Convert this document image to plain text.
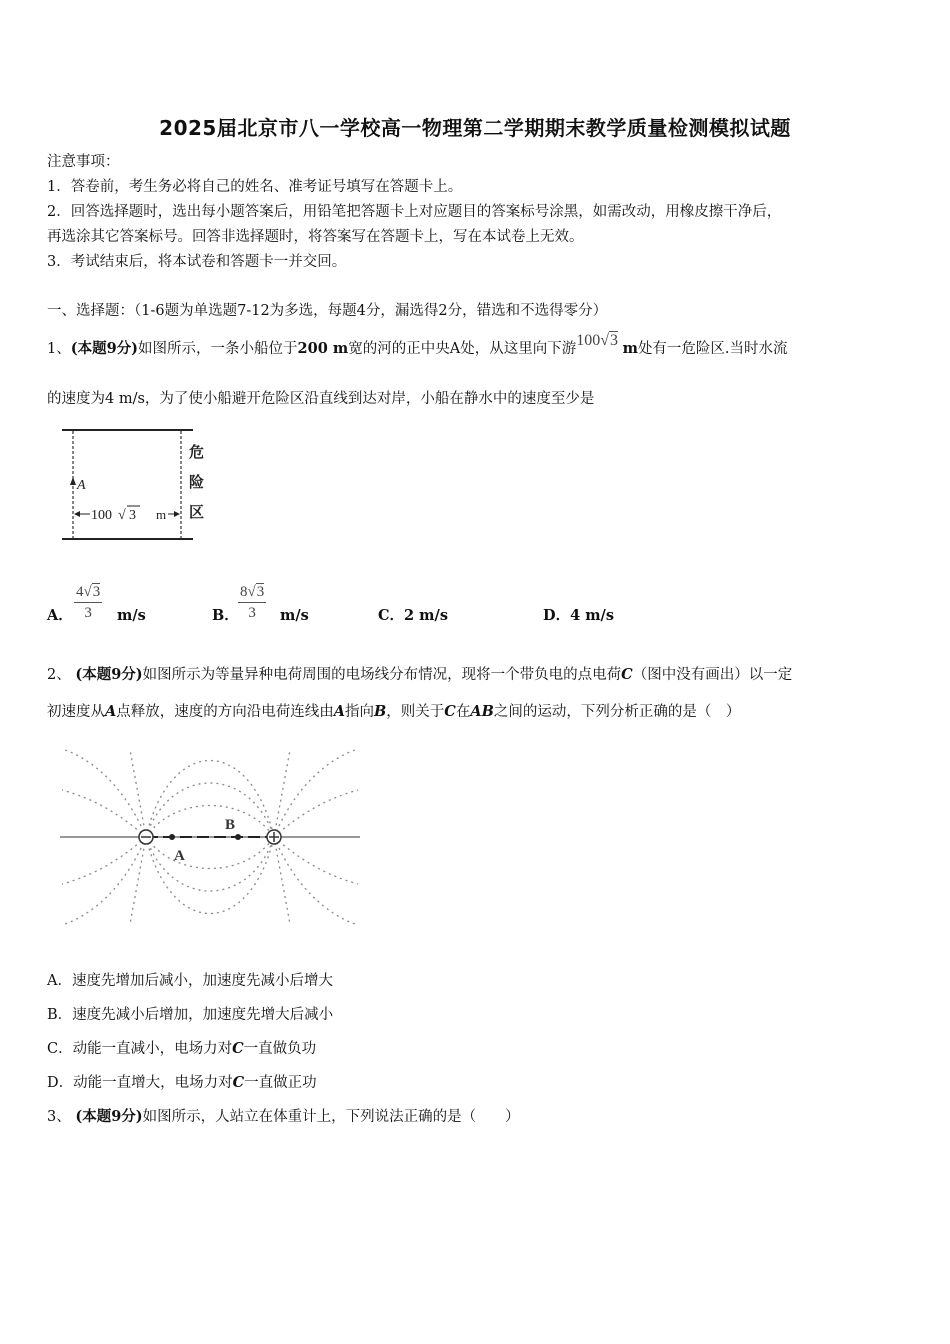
2025届北京市八一学校高一物理第二学期期末教学质量检测模拟试题
注意事项：
1．答卷前，考生务必将自己的姓名、准考证号填写在答题卡上。
2．回答选择题时，选出每小题答案后，用铅笔把答题卡上对应题目的答案标号涂黑，如需改动，用橡皮擦干净后，
再选涂其它答案标号。回答非选择题时，将答案写在答题卡上，写在本试卷上无效。
3．考试结束后，将本试卷和答题卡一并交回。
一、选择题：（1-6题为单选题7-12为多选，每题4分，漏选得2分，错选和不选得零分）
1、(本题9分)如图所示，一条小船位于200 m宽的河的正中央A处，从这里向下游100√3 m处有一危险区.当时水流
的速度为4 m/s，为了使小船避开危险区沿直线到达对岸，小船在静水中的速度至少是
A
100 √ 3 m
危
险
区
A． $\frac{4√3}{3} m/s$	B． $\frac{8√3}{3} m/s$	C．2 m/s	D．4 m/s
2、 (本题9分)如图所示为等量异种电荷周围的电场线分布情况，现将一个带负电的点电荷C（图中没有画出）以一定
初速度从A点释放，速度的方向沿电荷连线由A指向B，则关于C在AB之间的运动，下列分析正确的是（　）
A
B
A．速度先增加后减小，加速度先减小后增大
B．速度先减小后增加，加速度先增大后减小
C．动能一直减小，电场力对C一直做负功
D．动能一直增大，电场力对C一直做正功
3、 (本题9分)如图所示，人站立在体重计上，下列说法正确的是（　　）
